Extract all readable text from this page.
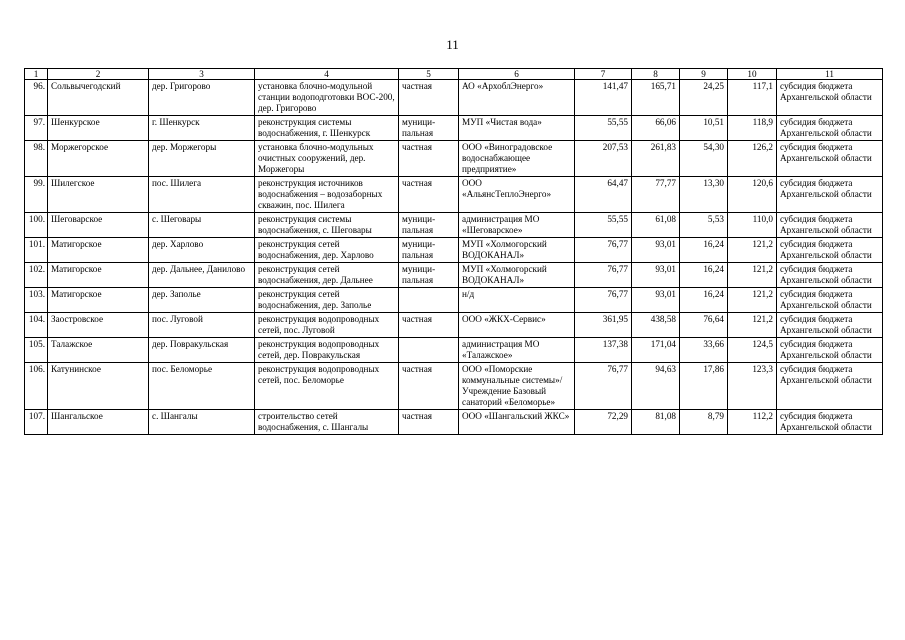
11
1	2	3	4	5	6	7	8	9	10	11
96.	Сольвычегодский	дер. Григорово	установка блочно-модульной станции водоподготовки ВОС-200, дер. Григорово	частная	АО «АрхоблЭнерго»	141,47	165,71	24,25	117,1	субсидия бюджета Архангельской области
97.	Шенкурское	г. Шенкурск	реконструкция системы водоснабжения, г. Шенкурск	муници-пальная	МУП «Чистая вода»	55,55	66,06	10,51	118,9	субсидия бюджета Архангельской области
98.	Моржегорское	дер. Моржегоры	установка блочно-модульных очистных сооружений, дер. Моржегоры	частная	ООО «Виноградовское водоснабжающее предприятие»	207,53	261,83	54,30	126,2	субсидия бюджета Архангельской области
99.	Шилегское	пос. Шилега	реконструкция источников водоснабжения – водозаборных скважин, пос. Шилега	частная	ООО «АльянсТеплоЭнерго»	64,47	77,77	13,30	120,6	субсидия бюджета Архангельской области
100.	Шеговарское	с. Шеговары	реконструкция системы водоснабжения, с. Шеговары	муници-пальная	администрация МО «Шеговарское»	55,55	61,08	5,53	110,0	субсидия бюджета Архангельской области
101.	Матигорское	дер. Харлово	реконструкция сетей водоснабжения, дер. Харлово	муници-пальная	МУП «Холмогорский ВОДОКАНАЛ»	76,77	93,01	16,24	121,2	субсидия бюджета Архангельской области
102.	Матигорское	дер. Дальнее, Данилово	реконструкция сетей водоснабжения, дер. Дальнее	муници-пальная	МУП «Холмогорский ВОДОКАНАЛ»	76,77	93,01	16,24	121,2	субсидия бюджета Архангельской области
103.	Матигорское	дер. Заполье	реконструкция сетей водоснабжения, дер. Заполье		н/д	76,77	93,01	16,24	121,2	субсидия бюджета Архангельской области
104.	Заостровское	пос. Луговой	реконструкция водопроводных сетей, пос. Луговой	частная	ООО «ЖКХ-Сервис»	361,95	438,58	76,64	121,2	субсидия бюджета Архангельской области
105.	Талажское	дер. Повракульская	реконструкция водопроводных сетей, дер. Повракульская		администрация МО «Талажское»	137,38	171,04	33,66	124,5	субсидия бюджета Архангельской области
106.	Катунинское	пос. Беломорье	реконструкция водопроводных сетей, пос. Беломорье	частная	ООО «Поморские коммунальные системы»/Учреждение Базовый санаторий «Беломорье»	76,77	94,63	17,86	123,3	субсидия бюджета Архангельской области
107.	Шангальское	с. Шангалы	строительство сетей водоснабжения, с. Шангалы	частная	ООО «Шангальский ЖКС»	72,29	81,08	8,79	112,2	субсидия бюджета Архангельской области
